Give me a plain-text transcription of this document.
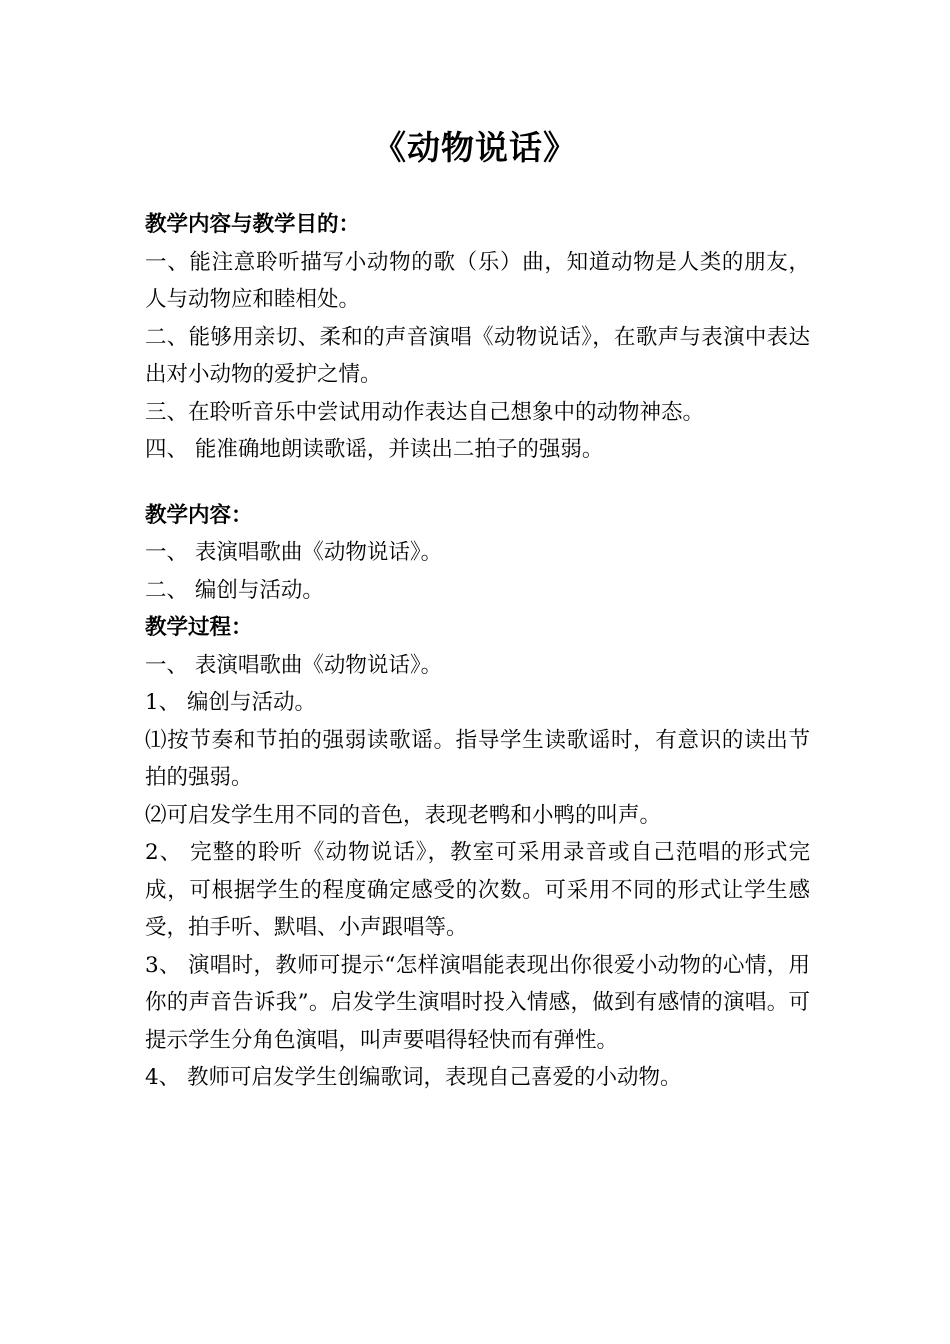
《动物说话》

教学内容与教学目的：

一、能注意聆听描写小动物的歌（乐）曲，知道动物是人类的朋友，人与动物应和睦相处。

二、能够用亲切、柔和的声音演唱《动物说话》，在歌声与表演中表达出对小动物的爱护之情。

三、在聆听音乐中尝试用动作表达自己想象中的动物神态。

四、 能准确地朗读歌谣，并读出二拍子的强弱。

教学内容：

一、 表演唱歌曲《动物说话》。

二、 编创与活动。

教学过程：

一、 表演唱歌曲《动物说话》。

1、 编创与活动。

⑴按节奏和节拍的强弱读歌谣。指导学生读歌谣时，有意识的读出节拍的强弱。

⑵可启发学生用不同的音色，表现老鸭和小鸭的叫声。

2、 完整的聆听《动物说话》，教室可采用录音或自己范唱的形式完成，可根据学生的程度确定感受的次数。可采用不同的形式让学生感受，拍手听、默唱、小声跟唱等。

3、 演唱时，教师可提示“怎样演唱能表现出你很爱小动物的心情，用你的声音告诉我”。启发学生演唱时投入情感，做到有感情的演唱。可提示学生分角色演唱，叫声要唱得轻快而有弹性。

4、 教师可启发学生创编歌词，表现自己喜爱的小动物。
